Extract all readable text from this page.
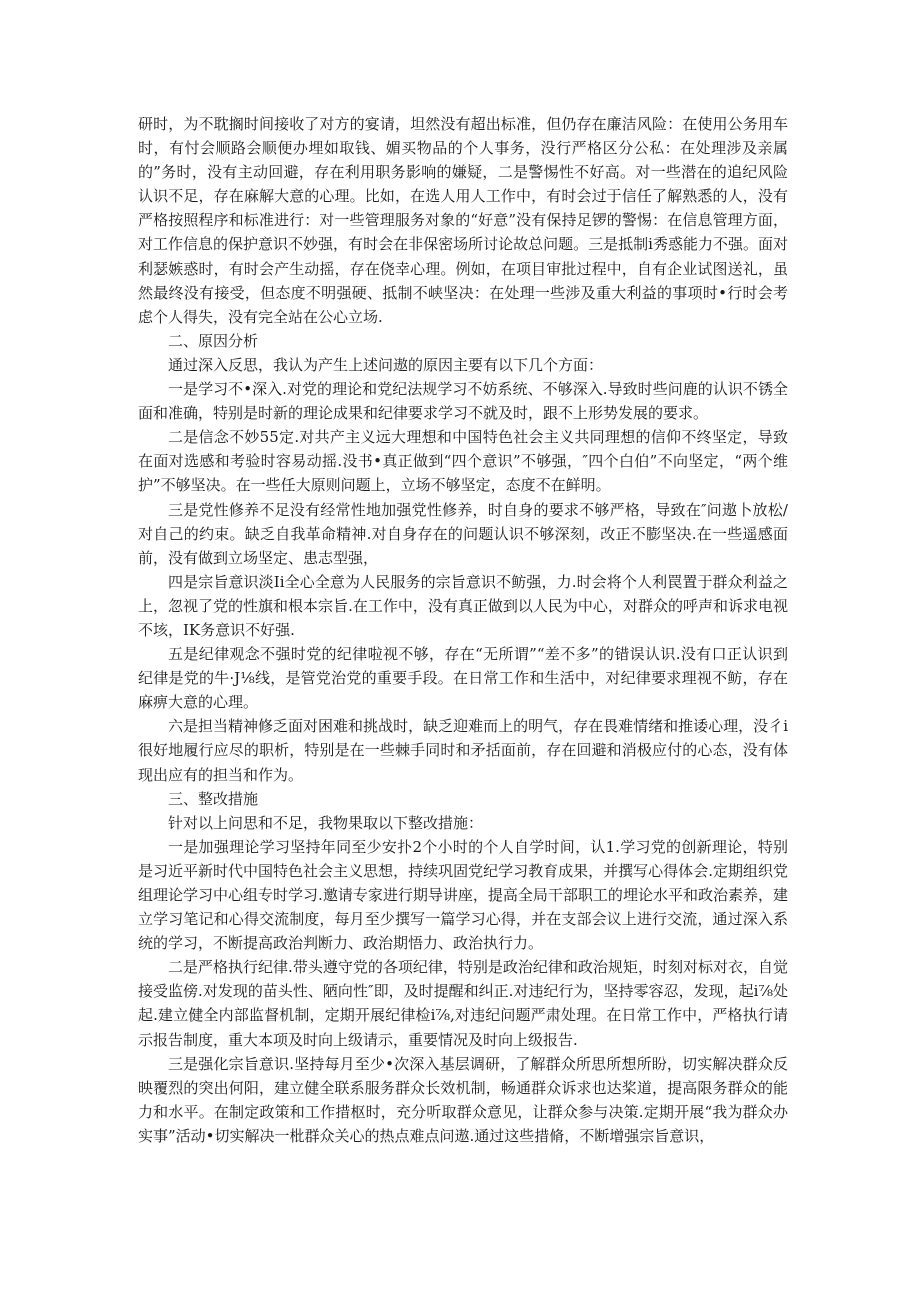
研时，为不耽搁时间接收了对方的宴请，坦然没有超出标准，但仍存在廉洁风险：在使用公务用车时，有忖会顺路会顺便办埋如取钱、媚买物品的个人事务，没行严格区分公私：在处理涉及亲属的”务时，没有主动回避，存在利用职务影响的嫌疑，二是警惕性不好高。对一些潜在的追纪风险认识不足，存在麻解大意的心理。比如，在选人用人工作中，有时会过于信任了解熟悉的人，没有严格按照程序和标准进行：对一些管理服务对象的“好意”没有保持足锣的警惕：在信息管理方面，对工作信息的保护意识不妙强，有时会在非保密场所讨论故总问题。三是抵制i秀惑能力不强。面对利瑟嫉惑时，有时会产生动摇，存在侥幸心理。例如，在项目审批过程中，自有企业试图送礼，虽然最终没有接受，但态度不明强硬、抵制不峡坚决：在处理一些涉及重大利益的事项时•行时会考虑个人得失，没有完全站在公心立场.

二、原因分析

通过深入反思，我认为产生上述问遨的原因主要有以下几个方面：

一是学习不•深入.对党的理论和党纪法规学习不妨系统、不够深入.导致时些问鹿的认识不锈全面和准确，特别是时新的理论成果和纪律要求学习不就及时，跟不上形势发展的要求。

二是信念不妙55定.对共产主义远大理想和中国特色社会主义共同理想的信仰不终坚定，导致在面对选感和考验时容易动摇.没书•真正做到“四个意识”不够强，″四个白伯”不向坚定，“两个维护”不够坚决。在一些任大原则问题上，立场不够坚定，态度不在鲜明。

三是党性修养不足没有经常性地加强党性修养，时自身的要求不够严格，导致在″问遨卜放松/对自己的约束。缺乏自我革命精神.对自身存在的问题认识不够深刻，改正不膨坚决.在一些遥感面前，没有做到立场坚定、患志型强，

四是宗旨意识淡Ii全心全意为人民服务的宗旨意识不鲂强，力.时会将个人利罠置于群众利益之上，忽视了党的性旗和根本宗旨.在工作中，没有真正做到以人民为中心，对群众的呼声和诉求电视不垓，IK务意识不好强.

五是纪律观念不强时党的纪律啦视不够，存在“无所谓”“差不多”的错误认识.没有口正认识到纪律是党的牛·J⅛线，是管党治党的重要手段。在日常工作和生活中，对纪律要求理视不鲂，存在麻痹大意的心理。

六是担当精神修乏面对困难和挑战时，缺乏迎难而上的明气，存在畏难情绪和推诿心理，没彳i很好地履行应尽的职析，特别是在一些棘手同时和矛括面前，存在回避和消极应付的心态，没有体现出应有的担当和作为。

三、整改措施

针对以上问思和不足，我物果取以下整改措施：

一是加强理论学习坚持年同至少安扑2个小时的个人自学时间，认1.学习党的创新理论，特别是习近平新时代中国特色社会主义思想，持续巩固党纪学习教育成果，并撰写心得体会.定期组织党组理论学习中心组专时学习.邀请专家进行期导讲座，提高全局干部职工的埋论水平和政治素养，建立学习笔记和心得交流制度，每月至少撰写一篇学习心得，并在支部会议上进行交流，通过深入系统的学习，不断提高政治判断力、政治期悟力、政治执行力。

二是严格执行纪律.带头遵守党的各项纪律，特别是政治纪律和政治规矩，时刻对标对衣，自觉接受监傍.对发现的苗头性、陋向性″即，及时提醒和纠正.对违纪行为，坚持零容忍，发现，起i⅞处起.建立健全内部监督机制，定期开展纪律检i⅞,对违纪问题严肃处理。在日常工作中，严格执行请示报告制度，重大本项及时向上级请示，重要情况及时向上级报告.

三是强化宗旨意识.坚持每月至少•次深入基层调研，了解群众所思所想所盼，切实解决群众反映覆烈的突出何阳，建立健全联系服务群众长效机制，畅通群众诉求也达桨道，提高限务群众的能力和水平。在制定政策和工作措枢时，充分听取群众意见，让群众参与决策.定期开展“我为群众办实事”活动•切实解决一枇群众关心的热点难点问遨.通过这些措脩，不断增强宗旨意识，
